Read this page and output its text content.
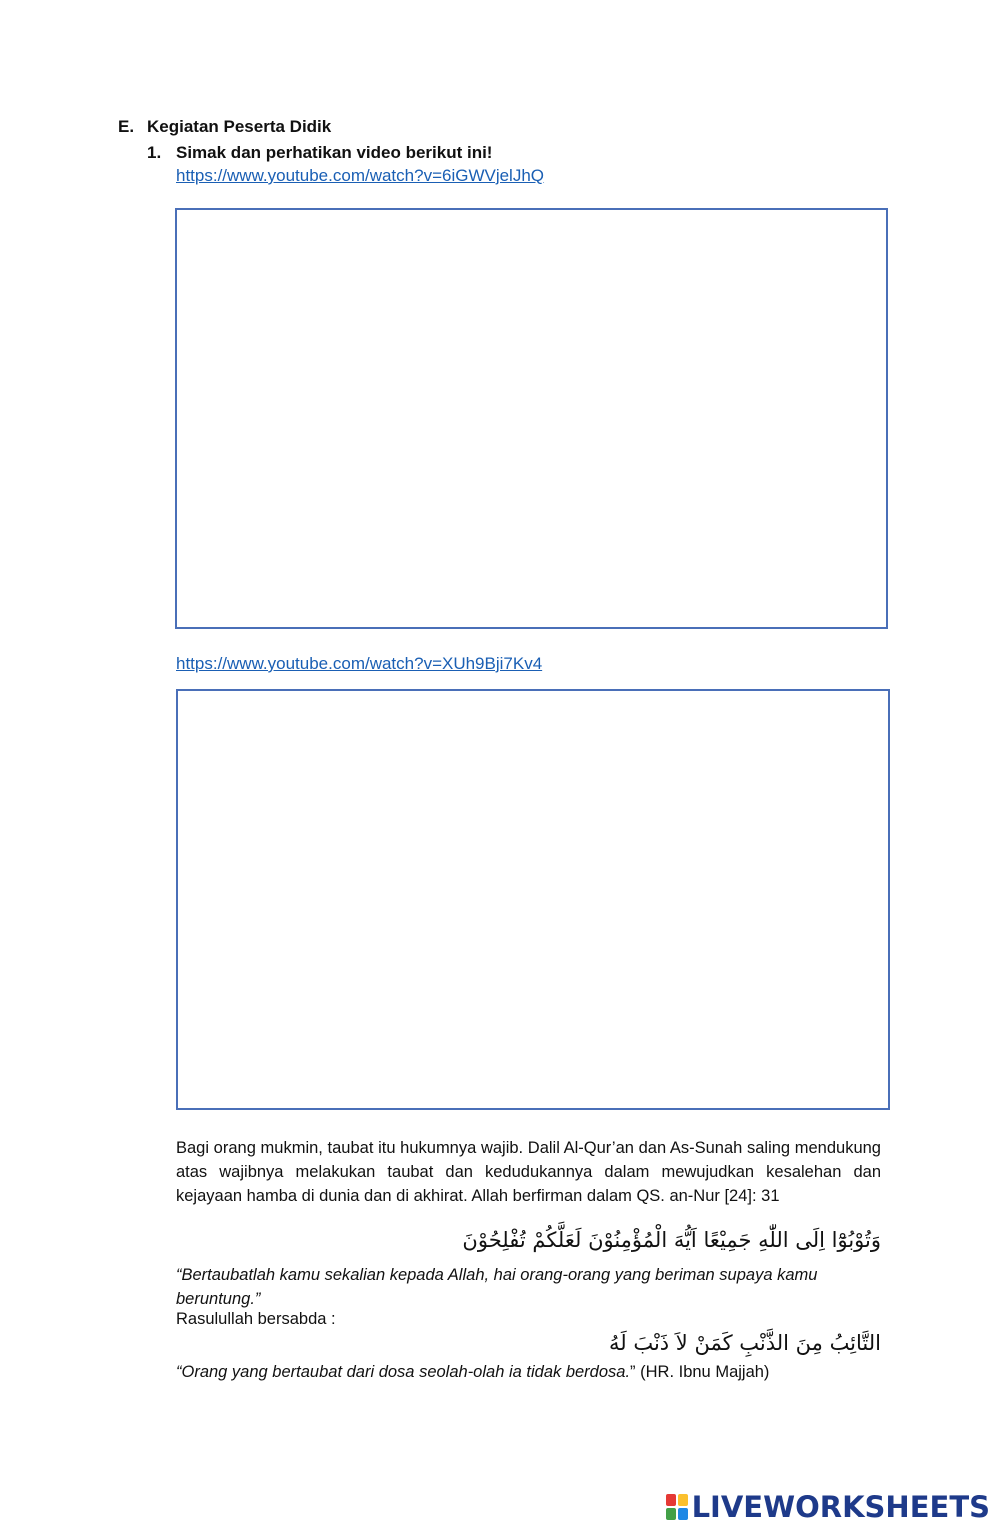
E. Kegiatan Peserta Didik
1. Simak dan perhatikan video berikut ini!
https://www.youtube.com/watch?v=6iGWVjelJhQ
https://www.youtube.com/watch?v=XUh9Bji7Kv4
Bagi orang mukmin, taubat itu hukumnya wajib. Dalil Al-Qur’an dan As-Sunah saling mendukung atas wajibnya melakukan taubat dan kedudukannya dalam mewujudkan kesalehan dan kejayaan hamba di dunia dan di akhirat. Allah berfirman dalam QS. an-Nur [24]: 31
وَتُوْبُوْٓا اِلَى اللّٰهِ جَمِيْعًا اَيُّهَ الْمُؤْمِنُوْنَ لَعَلَّكُمْ تُفْلِحُوْنَ
“Bertaubatlah kamu sekalian kepada Allah, hai orang-orang yang beriman supaya kamu beruntung.”
Rasulullah bersabda :
التَّائِبُ مِنَ الذَّنْبِ كَمَنْ لاَ ذَنْبَ لَهُ
“Orang yang bertaubat dari dosa seolah-olah ia tidak berdosa.” (HR. Ibnu Majjah)
LIVEWORKSHEETS
